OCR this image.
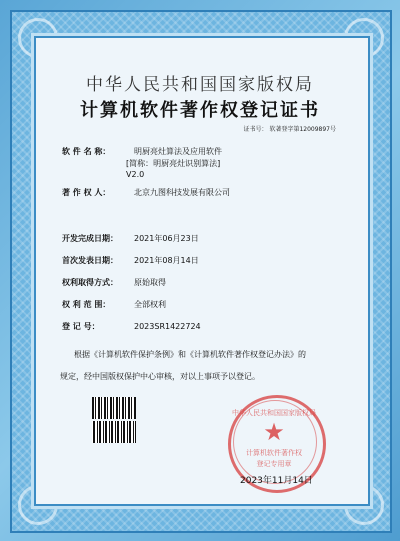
中华人民共和国国家版权局
计算机软件著作权登记证书
证书号： 软著登字第12009897号
软 件 名 称：	明厨亮灶算法及应用软件
[简称：明厨亮灶识别算法]
V2.0
著 作 权 人：	北京九图科技发展有限公司
开发完成日期： 2021年06月23日
首次发表日期： 2021年08月14日
权利取得方式： 原始取得
权 利 范 围：	全部权利
登 记 号：	2023SR1422724
根据《计算机软件保护条例》和《计算机软件著作权登记办法》的
规定，经中国版权保护中心审核，对以上事项予以登记。
中华人民共和国国家版权局
★
计算机软件著作权
登记专用章
2023年11月14日
